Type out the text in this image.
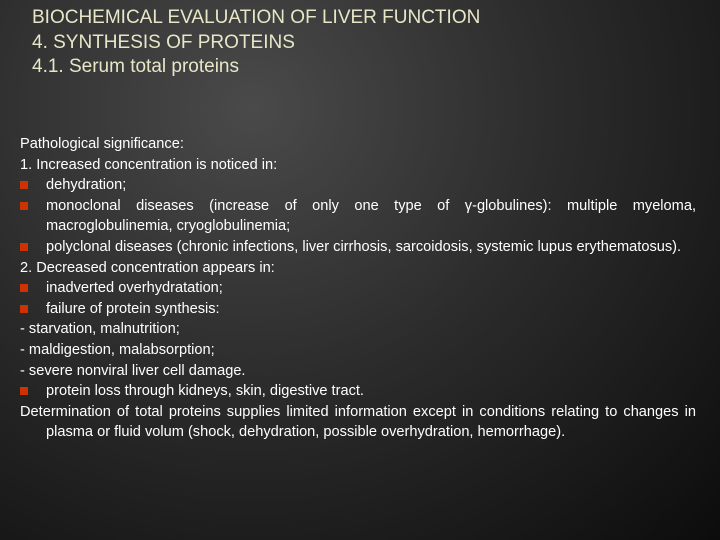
BIOCHEMICAL EVALUATION OF LIVER FUNCTION
4. SYNTHESIS OF PROTEINS
4.1. Serum total proteins
Pathological significance:
1. Increased concentration is noticed in:
dehydration;
monoclonal diseases (increase of only one type of γ-globulines): multiple myeloma, macroglobulinemia, cryoglobulinemia;
polyclonal diseases (chronic infections, liver cirrhosis, sarcoidosis, systemic lupus erythematosus).
2. Decreased concentration appears in:
inadverted overhydratation;
failure of protein synthesis:
- starvation, malnutrition;
- maldigestion, malabsorption;
- severe nonviral liver cell damage.
protein loss through kidneys, skin, digestive tract.
Determination of total proteins supplies limited information except in conditions relating to changes in plasma or fluid volum (shock, dehydration, possible overhydration, hemorrhage).
